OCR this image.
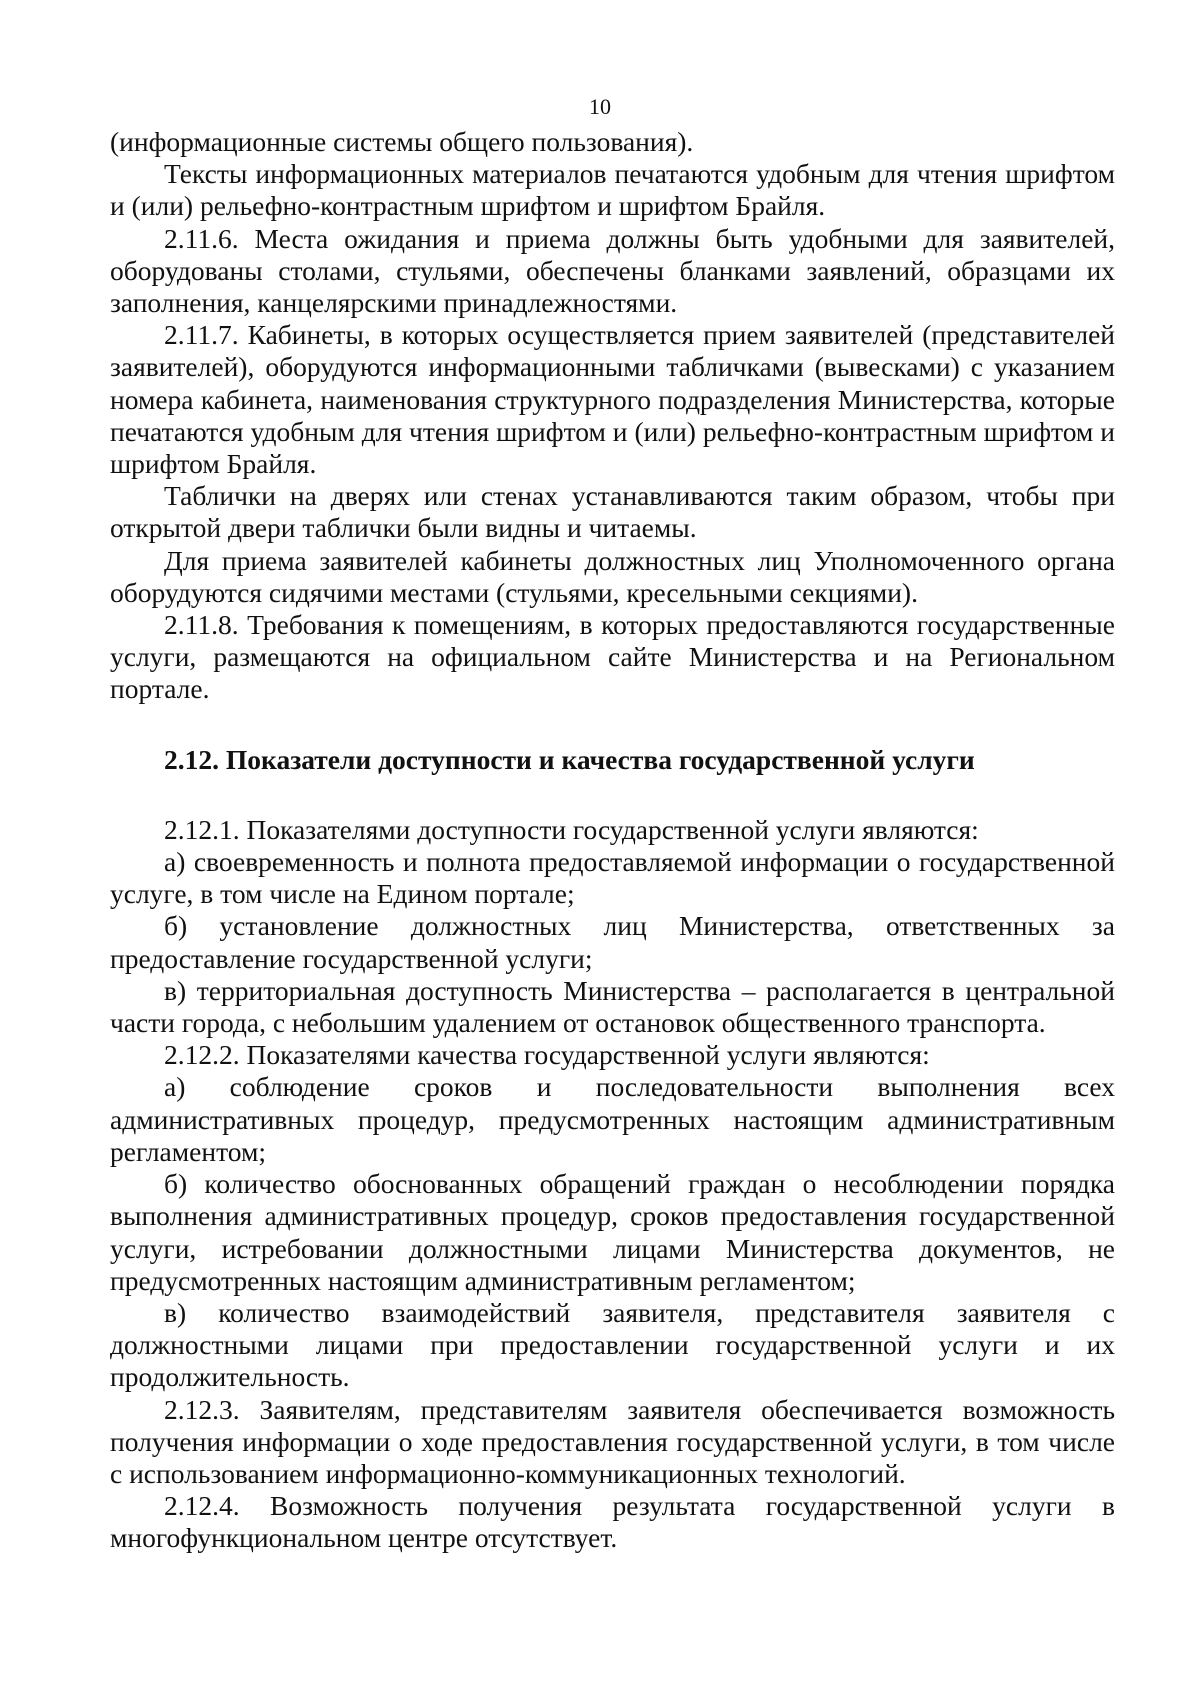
10

(информационные системы общего пользования).

Тексты информационных материалов печатаются удобным для чтения шрифтом и (или) рельефно-контрастным шрифтом и шрифтом Брайля.

2.11.6. Места ожидания и приема должны быть удобными для заявителей, оборудованы столами, стульями, обеспечены бланками заявлений, образцами их заполнения, канцелярскими принадлежностями.

2.11.7. Кабинеты, в которых осуществляется прием заявителей (представителей заявителей), оборудуются информационными табличками (вывесками) с указанием номера кабинета, наименования структурного подразделения Министерства, которые печатаются удобным для чтения шрифтом и (или) рельефно-контрастным шрифтом и шрифтом Брайля.

Таблички на дверях или стенах устанавливаются таким образом, чтобы при открытой двери таблички были видны и читаемы.

Для приема заявителей кабинеты должностных лиц Уполномоченного органа оборудуются сидячими местами (стульями, кресельными секциями).

2.11.8. Требования к помещениям, в которых предоставляются государственные услуги, размещаются на официальном сайте Министерства и на Региональном портале.

2.12. Показатели доступности и качества государственной услуги

2.12.1. Показателями доступности государственной услуги являются:

а) своевременность и полнота предоставляемой информации о государственной услуге, в том числе на Едином портале;

б) установление должностных лиц Министерства, ответственных за предоставление государственной услуги;

в) территориальная доступность Министерства – располагается в центральной части города, с небольшим удалением от остановок общественного транспорта.

2.12.2. Показателями качества государственной услуги являются:

а) соблюдение сроков и последовательности выполнения всех административных процедур, предусмотренных настоящим административным регламентом;

б) количество обоснованных обращений граждан о несоблюдении порядка выполнения административных процедур, сроков предоставления государственной услуги, истребовании должностными лицами Министерства документов, не предусмотренных настоящим административным регламентом;

в) количество взаимодействий заявителя, представителя заявителя с должностными лицами при предоставлении государственной услуги и их продолжительность.

2.12.3. Заявителям, представителям заявителя обеспечивается возможность получения информации о ходе предоставления государственной услуги, в том числе с использованием информационно-коммуникационных технологий.

2.12.4. Возможность получения результата государственной услуги в многофункциональном центре отсутствует.
